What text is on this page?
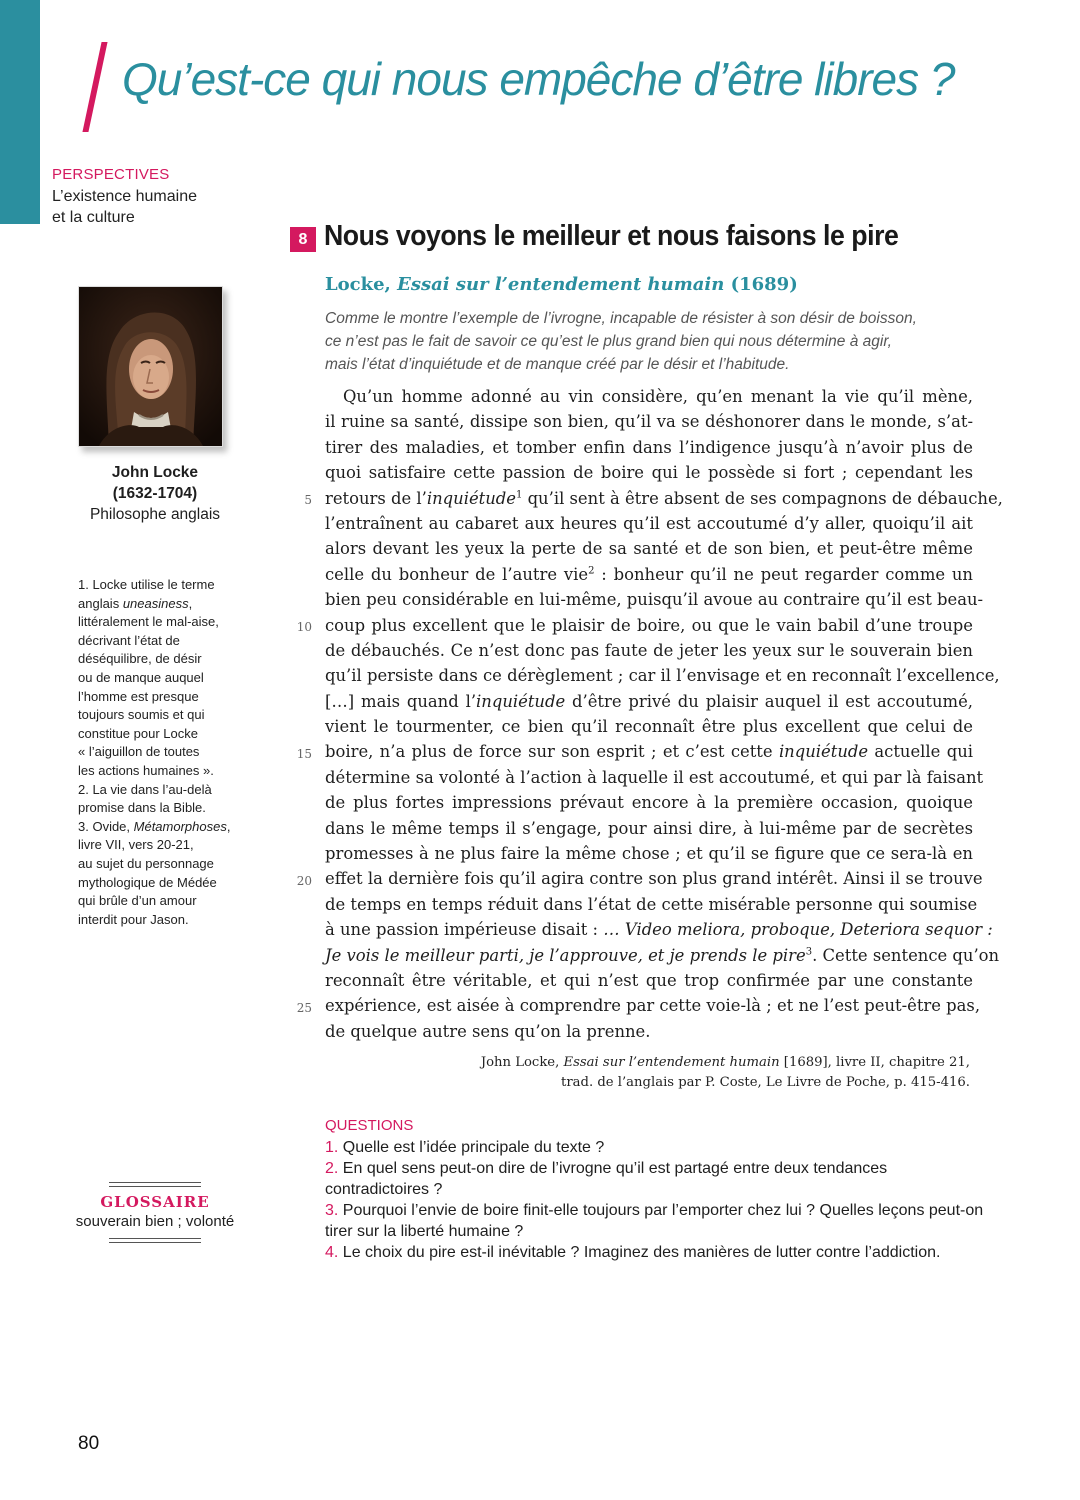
Qu’est-ce qui nous empêche d’être libres ?
PERSPECTIVES
L’existence humaine
et la culture
John Locke
(1632-1704)
Philosophe anglais

1. Locke utilise le terme

anglais uneasiness,

littéralement le mal-aise,

décrivant l’état de

déséquilibre, de désir

ou de manque auquel

l’homme est presque

toujours soumis et qui

constitue pour Locke

« l’aiguillon de toutes

les actions humaines ».

2. La vie dans l’au-delà

promise dans la Bible.

3. Ovide, Métamorphoses,

livre VII, vers 20-21,

au sujet du personnage

mythologique de Médée

qui brûle d’un amour

interdit pour Jason.

GLOSSAIRE
souverain bien ; volonté
8 Nous voyons le meilleur et nous faisons le pire
Locke, Essai sur l’entendement humain (1689)

Comme le montre l’exemple de l’ivrogne, incapable de résister à son désir de boisson,

ce n’est pas le fait de savoir ce qu’est le plus grand bien qui nous détermine à agir,

mais l’état d’inquiétude et de manque créé par le désir et l’habitude.

Qu’un homme adonné au vin considère, qu’en menant la vie qu’il mène,
il ruine sa santé, dissipe son bien, qu’il va se déshonorer dans le monde, s’at-
tirer des maladies, et tomber enfin dans l’indigence jusqu’à n’avoir plus de
quoi satisfaire cette passion de boire qui le possède si fort ; cependant les
retours de l’inquiétude$^1$ qu’il sent à être absent de ses compagnons de débauche,
l’entraînent au cabaret aux heures qu’il est accoutumé d’y aller, quoiqu’il ait
alors devant les yeux la perte de sa santé et de son bien, et peut-être même
celle du bonheur de l’autre vie$^2$ : bonheur qu’il ne peut regarder comme un
bien peu considérable en lui-même, puisqu’il avoue au contraire qu’il est beau-
coup plus excellent que le plaisir de boire, ou que le vain babil d’une troupe
de débauchés. Ce n’est donc pas faute de jeter les yeux sur le souverain bien
qu’il persiste dans ce dérèglement ; car il l’envisage et en reconnaît l’excellence,
[…] mais quand l’inquiétude d’être privé du plaisir auquel il est accoutumé,
vient le tourmenter, ce bien qu’il reconnaît être plus excellent que celui de
boire, n’a plus de force sur son esprit ; et c’est cette inquiétude actuelle qui
détermine sa volonté à l’action à laquelle il est accoutumé, et qui par là faisant
de plus fortes impressions prévaut encore à la première occasion, quoique
dans le même temps il s’engage, pour ainsi dire, à lui-même par de secrètes
promesses à ne plus faire la même chose ; et qu’il se figure que ce sera-là en
effet la dernière fois qu’il agira contre son plus grand intérêt. Ainsi il se trouve
de temps en temps réduit dans l’état de cette misérable personne qui soumise
à une passion impérieuse disait : … Video meliora, proboque, Deteriora sequor :
Je vois le meilleur parti, je l’approuve, et je prends le pire$^3$. Cette sentence qu’on
reconnaît être véritable, et qui n’est que trop confirmée par une constante
expérience, est aisée à comprendre par cette voie-là ; et ne l’est peut-être pas,
de quelque autre sens qu’on la prenne.
5
10
15
20
25

John Locke, Essai sur l’entendement humain [1689], livre II, chapitre 21,

trad. de l’anglais par P. Coste, Le Livre de Poche, p. 415-416.

QUESTIONS

1. Quelle est l’idée principale du texte ?

2. En quel sens peut-on dire de l’ivrogne qu’il est partagé entre deux tendances contradictoires ?

3. Pourquoi l’envie de boire finit-elle toujours par l’emporter chez lui ? Quelles leçons peut-on tirer sur la liberté humaine ?

4. Le choix du pire est-il inévitable ? Imaginez des manières de lutter contre l’addiction.

80
